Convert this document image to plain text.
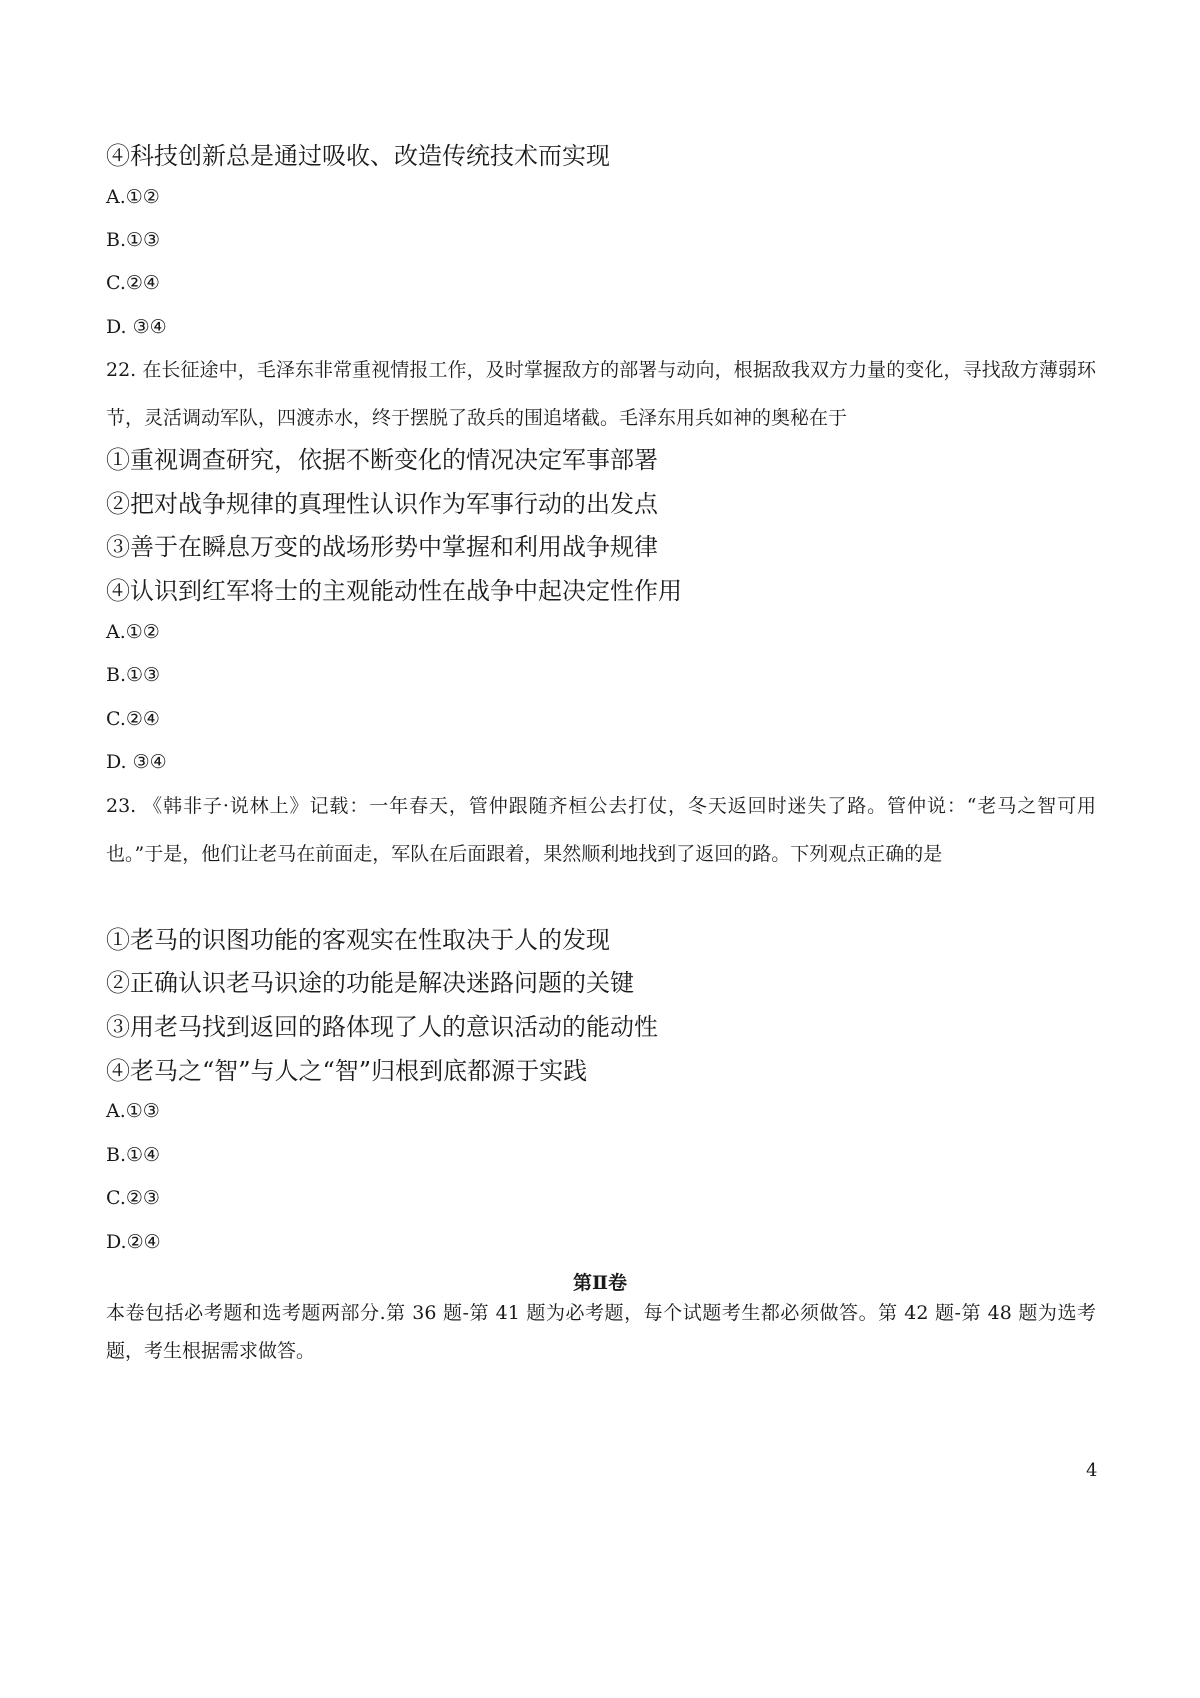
④科技创新总是通过吸收、改造传统技术而实现
A.①②
B.①③
C.②④
D. ③④
22. 在长征途中，毛泽东非常重视情报工作，及时掌握敌方的部署与动向，根据敌我双方力量的变化，寻找敌方薄弱环节，灵活调动军队，四渡赤水，终于摆脱了敌兵的围追堵截。毛泽东用兵如神的奥秘在于
①重视调查研究，依据不断变化的情况决定军事部署
②把对战争规律的真理性认识作为军事行动的出发点
③善于在瞬息万变的战场形势中掌握和利用战争规律
④认识到红军将士的主观能动性在战争中起决定性作用
A.①②
B.①③
C.②④
D. ③④
23. 《韩非子·说林上》记载：一年春天，管仲跟随齐桓公去打仗，冬天返回时迷失了路。管仲说：“老马之智可用也。”于是，他们让老马在前面走，军队在后面跟着，果然顺利地找到了返回的路。下列观点正确的是
①老马的识图功能的客观实在性取决于人的发现
②正确认识老马识途的功能是解决迷路问题的关键
③用老马找到返回的路体现了人的意识活动的能动性
④老马之“智”与人之“智”归根到底都源于实践
A.①③
B.①④
C.②③
D.②④
第Ⅱ卷
本卷包括必考题和选考题两部分.第 36 题-第 41 题为必考题，每个试题考生都必须做答。第 42 题-第 48 题为选考题，考生根据需求做答。
4
